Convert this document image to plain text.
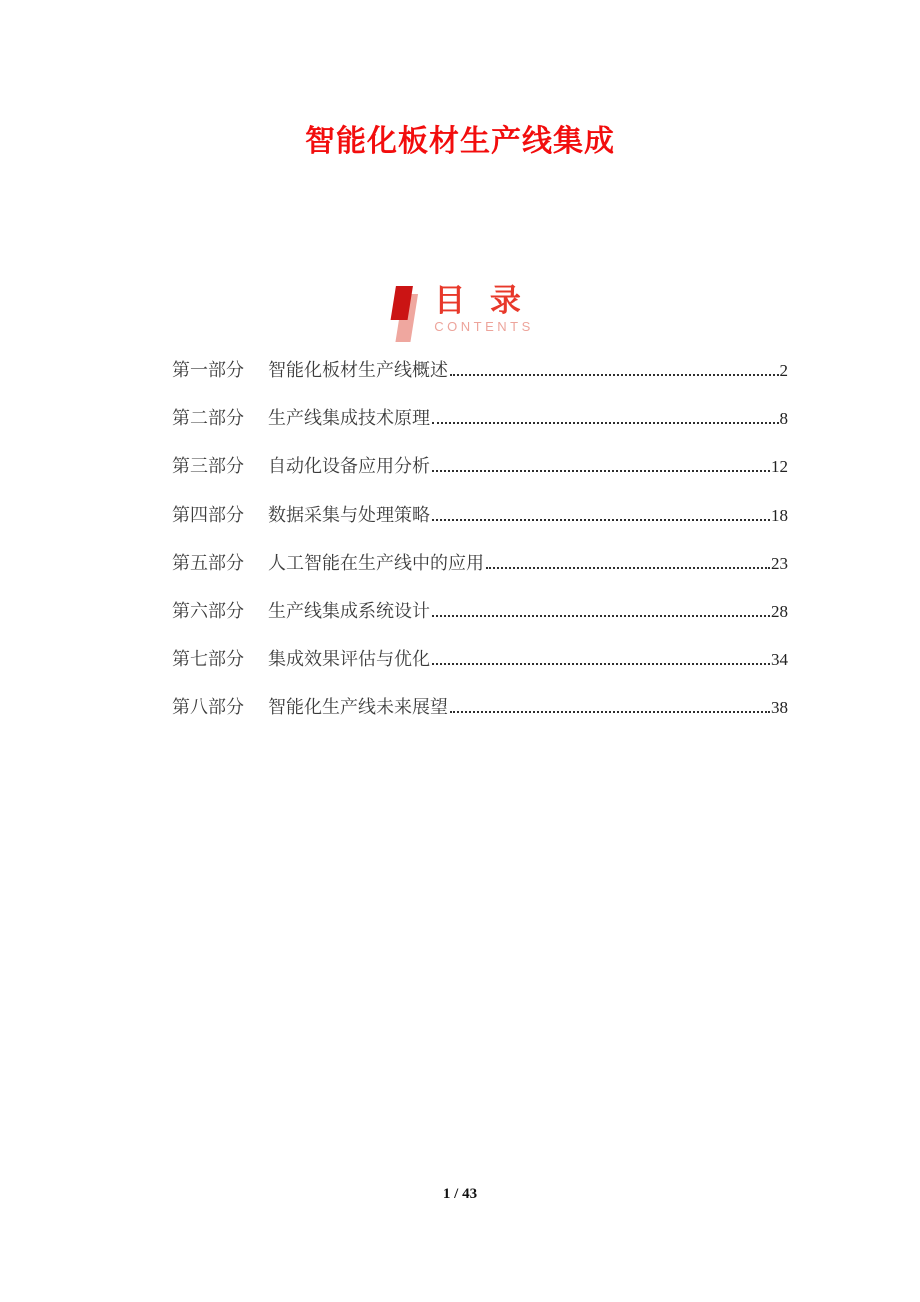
智能化板材生产线集成
目 录
CONTENTS
第一部分 智能化板材生产线概述	2
第二部分 生产线集成技术原理	8
第三部分 自动化设备应用分析	12
第四部分 数据采集与处理策略	18
第五部分 人工智能在生产线中的应用	23
第六部分 生产线集成系统设计	28
第七部分 集成效果评估与优化	34
第八部分 智能化生产线未来展望	38
1 / 43
